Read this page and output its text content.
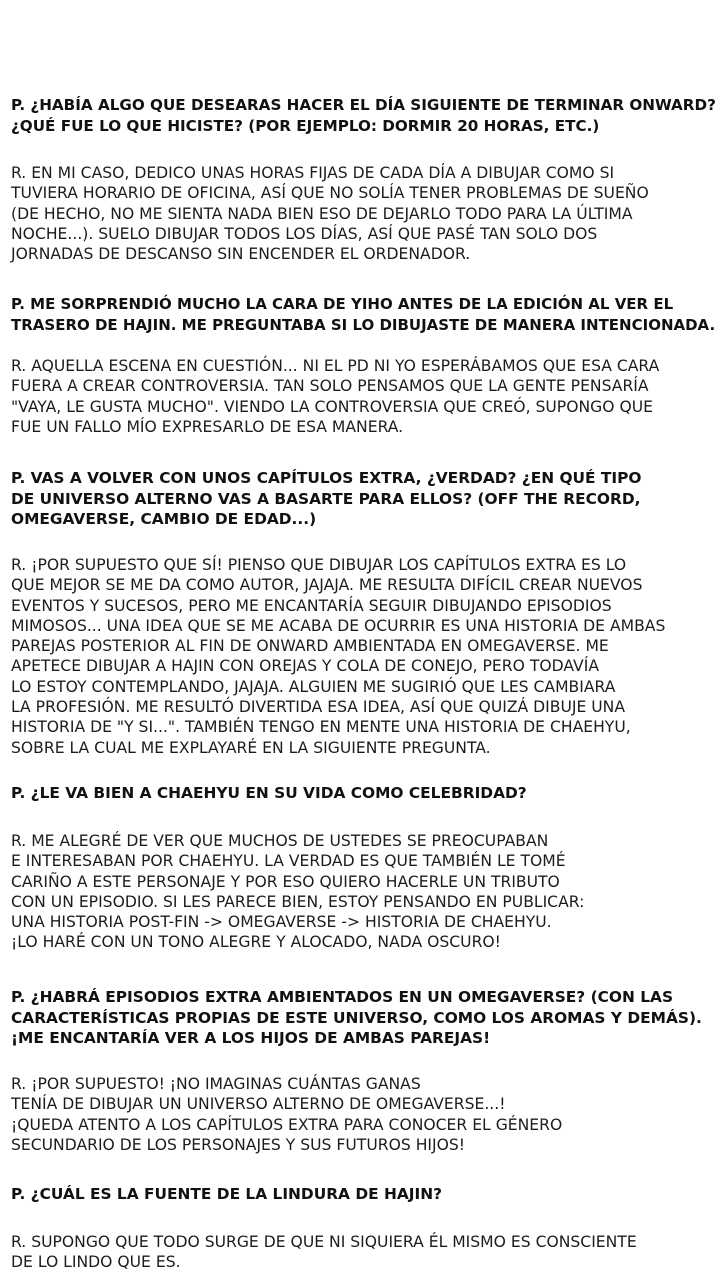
P. ¿HABÍA ALGO QUE DESEARAS HACER EL DÍA SIGUIENTE DE TERMINAR ONWARD?
¿QUÉ FUE LO QUE HICISTE? (POR EJEMPLO: DORMIR 20 HORAS, ETC.)
R. EN MI CASO, DEDICO UNAS HORAS FIJAS DE CADA DÍA A DIBUJAR COMO SI
TUVIERA HORARIO DE OFICINA, ASÍ QUE NO SOLÍA TENER PROBLEMAS DE SUEÑO
(DE HECHO, NO ME SIENTA NADA BIEN ESO DE DEJARLO TODO PARA LA ÚLTIMA
NOCHE...). SUELO DIBUJAR TODOS LOS DÍAS, ASÍ QUE PASÉ TAN SOLO DOS
JORNADAS DE DESCANSO SIN ENCENDER EL ORDENADOR.
P. ME SORPRENDIÓ MUCHO LA CARA DE YIHO ANTES DE LA EDICIÓN AL VER EL
TRASERO DE HAJIN. ME PREGUNTABA SI LO DIBUJASTE DE MANERA INTENCIONADA.
R. AQUELLA ESCENA EN CUESTIÓN... NI EL PD NI YO ESPERÁBAMOS QUE ESA CARA
FUERA A CREAR CONTROVERSIA. TAN SOLO PENSAMOS QUE LA GENTE PENSARÍA
"VAYA, LE GUSTA MUCHO". VIENDO LA CONTROVERSIA QUE CREÓ, SUPONGO QUE
FUE UN FALLO MÍO EXPRESARLO DE ESA MANERA.
P. VAS A VOLVER CON UNOS CAPÍTULOS EXTRA, ¿VERDAD? ¿EN QUÉ TIPO
DE UNIVERSO ALTERNO VAS A BASARTE PARA ELLOS? (OFF THE RECORD,
OMEGAVERSE, CAMBIO DE EDAD...)
R. ¡POR SUPUESTO QUE SÍ! PIENSO QUE DIBUJAR LOS CAPÍTULOS EXTRA ES LO
QUE MEJOR SE ME DA COMO AUTOR, JAJAJA. ME RESULTA DIFÍCIL CREAR NUEVOS
EVENTOS Y SUCESOS, PERO ME ENCANTARÍA SEGUIR DIBUJANDO EPISODIOS
MIMOSOS... UNA IDEA QUE SE ME ACABA DE OCURRIR ES UNA HISTORIA DE AMBAS
PAREJAS POSTERIOR AL FIN DE ONWARD AMBIENTADA EN OMEGAVERSE. ME
APETECE DIBUJAR A HAJIN CON OREJAS Y COLA DE CONEJO, PERO TODAVÍA
LO ESTOY CONTEMPLANDO, JAJAJA. ALGUIEN ME SUGIRIÓ QUE LES CAMBIARA
LA PROFESIÓN. ME RESULTÓ DIVERTIDA ESA IDEA, ASÍ QUE QUIZÁ DIBUJE UNA
HISTORIA DE "Y SI...". TAMBIÉN TENGO EN MENTE UNA HISTORIA DE CHAEHYU,
SOBRE LA CUAL ME EXPLAYARÉ EN LA SIGUIENTE PREGUNTA.
P. ¿LE VA BIEN A CHAEHYU EN SU VIDA COMO CELEBRIDAD?
R. ME ALEGRÉ DE VER QUE MUCHOS DE USTEDES SE PREOCUPABAN
E INTERESABAN POR CHAEHYU. LA VERDAD ES QUE TAMBIÉN LE TOMÉ
CARIÑO A ESTE PERSONAJE Y POR ESO QUIERO HACERLE UN TRIBUTO
CON UN EPISODIO. SI LES PARECE BIEN, ESTOY PENSANDO EN PUBLICAR:
UNA HISTORIA POST-FIN -> OMEGAVERSE -> HISTORIA DE CHAEHYU.
¡LO HARÉ CON UN TONO ALEGRE Y ALOCADO, NADA OSCURO!
P. ¿HABRÁ EPISODIOS EXTRA AMBIENTADOS EN UN OMEGAVERSE? (CON LAS
CARACTERÍSTICAS PROPIAS DE ESTE UNIVERSO, COMO LOS AROMAS Y DEMÁS).
¡ME ENCANTARÍA VER A LOS HIJOS DE AMBAS PAREJAS!
R. ¡POR SUPUESTO! ¡NO IMAGINAS CUÁNTAS GANAS
TENÍA DE DIBUJAR UN UNIVERSO ALTERNO DE OMEGAVERSE...!
¡QUEDA ATENTO A LOS CAPÍTULOS EXTRA PARA CONOCER EL GÉNERO
SECUNDARIO DE LOS PERSONAJES Y SUS FUTUROS HIJOS!
P. ¿CUÁL ES LA FUENTE DE LA LINDURA DE HAJIN?
R. SUPONGO QUE TODO SURGE DE QUE NI SIQUIERA ÉL MISMO ES CONSCIENTE
DE LO LINDO QUE ES.
